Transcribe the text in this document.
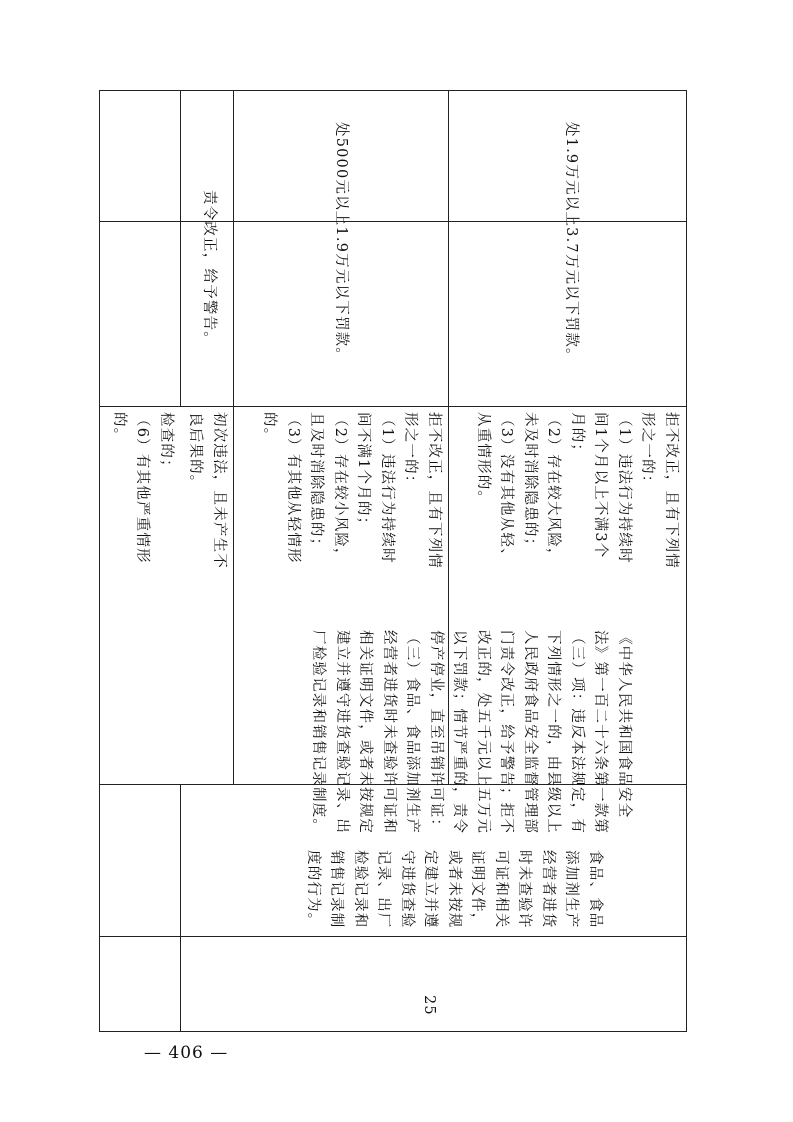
检查的；
（6）有其他严重情形
的。	初次违法，且未产生不
良后果的。
责令改正，给予警告。
拒不改正，且有下列情
形之一的：
（1）违法行为持续时
间不满1个月的；
（2）存在较小风险，
且及时消除隐患的；
（3）有其他从轻情形
的。
处5000元以上1.9万元以下罚款。
拒不改正，且有下列情
形之一的：
（1）违法行为持续时
间1个月以上不满3个
月的；
（2）存在较大风险，
未及时消除隐患的；
（3）没有其他从轻、
从重情形的。
处1.9万元以上3.7万元以下罚款。
《中华人民共和国食品安全
法》第一百二十六条第一款第
（三）项：违反本法规定，有
下列情形之一的，由县级以上
人民政府食品安全监督管理部
门责令改正，给予警告；拒不
改正的，处五千元以上五万元
以下罚款；情节严重的，责令
停产停业，直至吊销许可证：
（三）食品、食品添加剂生产
经营者进货时未查验许可证和
相关证明文件，或者未按规定
建立并遵守进货查验记录、出
厂检验记录和销售记录制度。
食品、食品
添加剂生产
经营者进货
时未查验许
可证和相关
证明文件，
或者未按规
定建立并遵
守进货查验
记录、出厂
检验记录和
销售记录制
度的行为。
25
— 406 —
